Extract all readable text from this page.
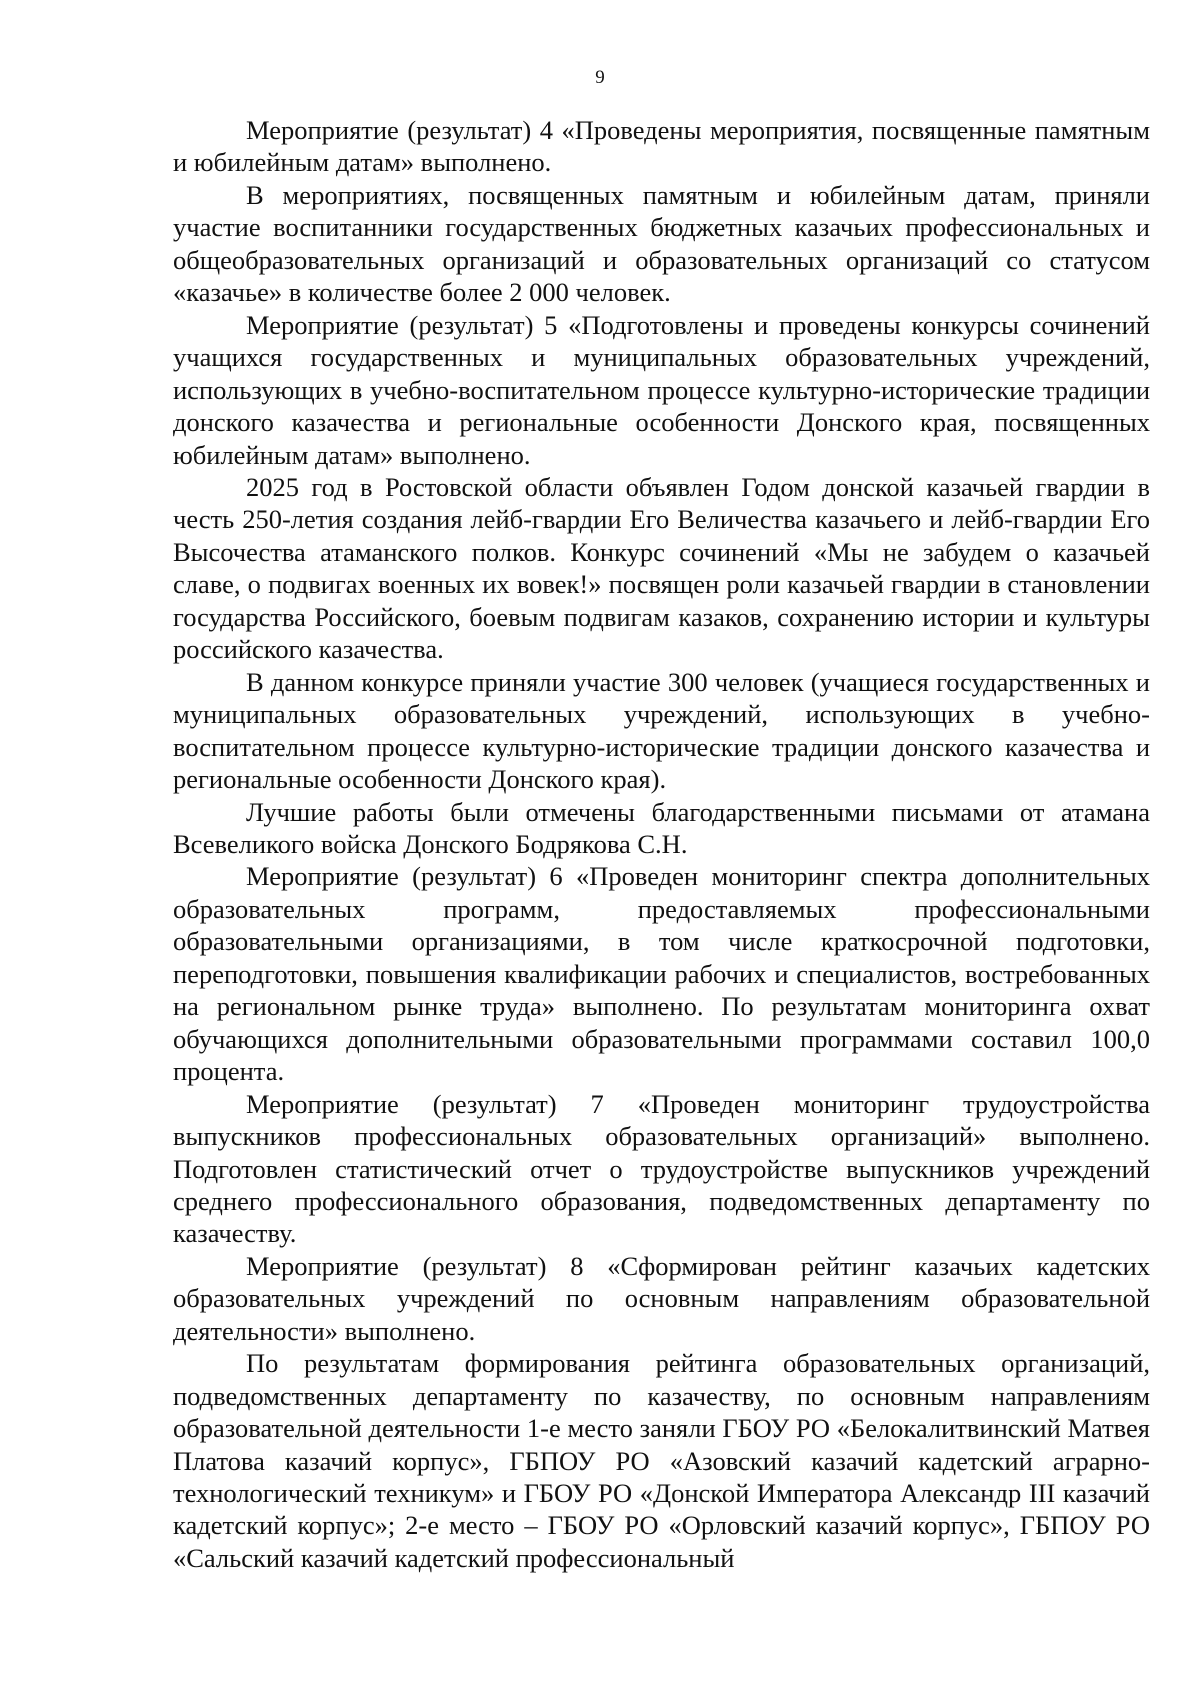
9

Мероприятие (результат) 4 «Проведены мероприятия, посвященные памятным и юбилейным датам» выполнено.

В мероприятиях, посвященных памятным и юбилейным датам, приняли участие воспитанники государственных бюджетных казачьих профессиональных и общеобразовательных организаций и образовательных организаций со статусом «казачье» в количестве более 2 000 человек.

Мероприятие (результат) 5 «Подготовлены и проведены конкурсы сочинений учащихся государственных и муниципальных образовательных учреждений, использующих в учебно-воспитательном процессе культурно-исторические традиции донского казачества и региональные особенности Донского края, посвященных юбилейным датам» выполнено.

2025 год в Ростовской области объявлен Годом донской казачьей гвардии в честь 250-летия создания лейб-гвардии Его Величества казачьего и лейб-гвардии Его Высочества атаманского полков. Конкурс сочинений «Мы не забудем о казачьей славе, о подвигах военных их вовек!» посвящен роли казачьей гвардии в становлении государства Российского, боевым подвигам казаков, сохранению истории и культуры российского казачества.

В данном конкурсе приняли участие 300 человек (учащиеся государственных и муниципальных образовательных учреждений, использующих в учебно-воспитательном процессе культурно-исторические традиции донского казачества и региональные особенности Донского края).

Лучшие работы были отмечены благодарственными письмами от атамана Всевеликого войска Донского Бодрякова С.Н.

Мероприятие (результат) 6 «Проведен мониторинг спектра дополнительных образовательных программ, предоставляемых профессиональными образовательными организациями, в том числе краткосрочной подготовки, переподготовки, повышения квалификации рабочих и специалистов, востребованных на региональном рынке труда» выполнено. По результатам мониторинга охват обучающихся дополнительными образовательными программами составил 100,0 процента.

Мероприятие (результат) 7 «Проведен мониторинг трудоустройства выпускников профессиональных образовательных организаций» выполнено. Подготовлен статистический отчет о трудоустройстве выпускников учреждений среднего профессионального образования, подведомственных департаменту по казачеству.

Мероприятие (результат) 8 «Сформирован рейтинг казачьих кадетских образовательных учреждений по основным направлениям образовательной деятельности» выполнено.

По результатам формирования рейтинга образовательных организаций, подведомственных департаменту по казачеству, по основным направлениям образовательной деятельности 1-е место заняли ГБОУ РО «Белокалитвинский Матвея Платова казачий корпус», ГБПОУ РО «Азовский казачий кадетский аграрно-технологический техникум» и ГБОУ РО «Донской Императора Александр III казачий кадетский корпус»; 2-е место – ГБОУ РО «Орловский казачий корпус», ГБПОУ РО «Сальский казачий кадетский профессиональный
